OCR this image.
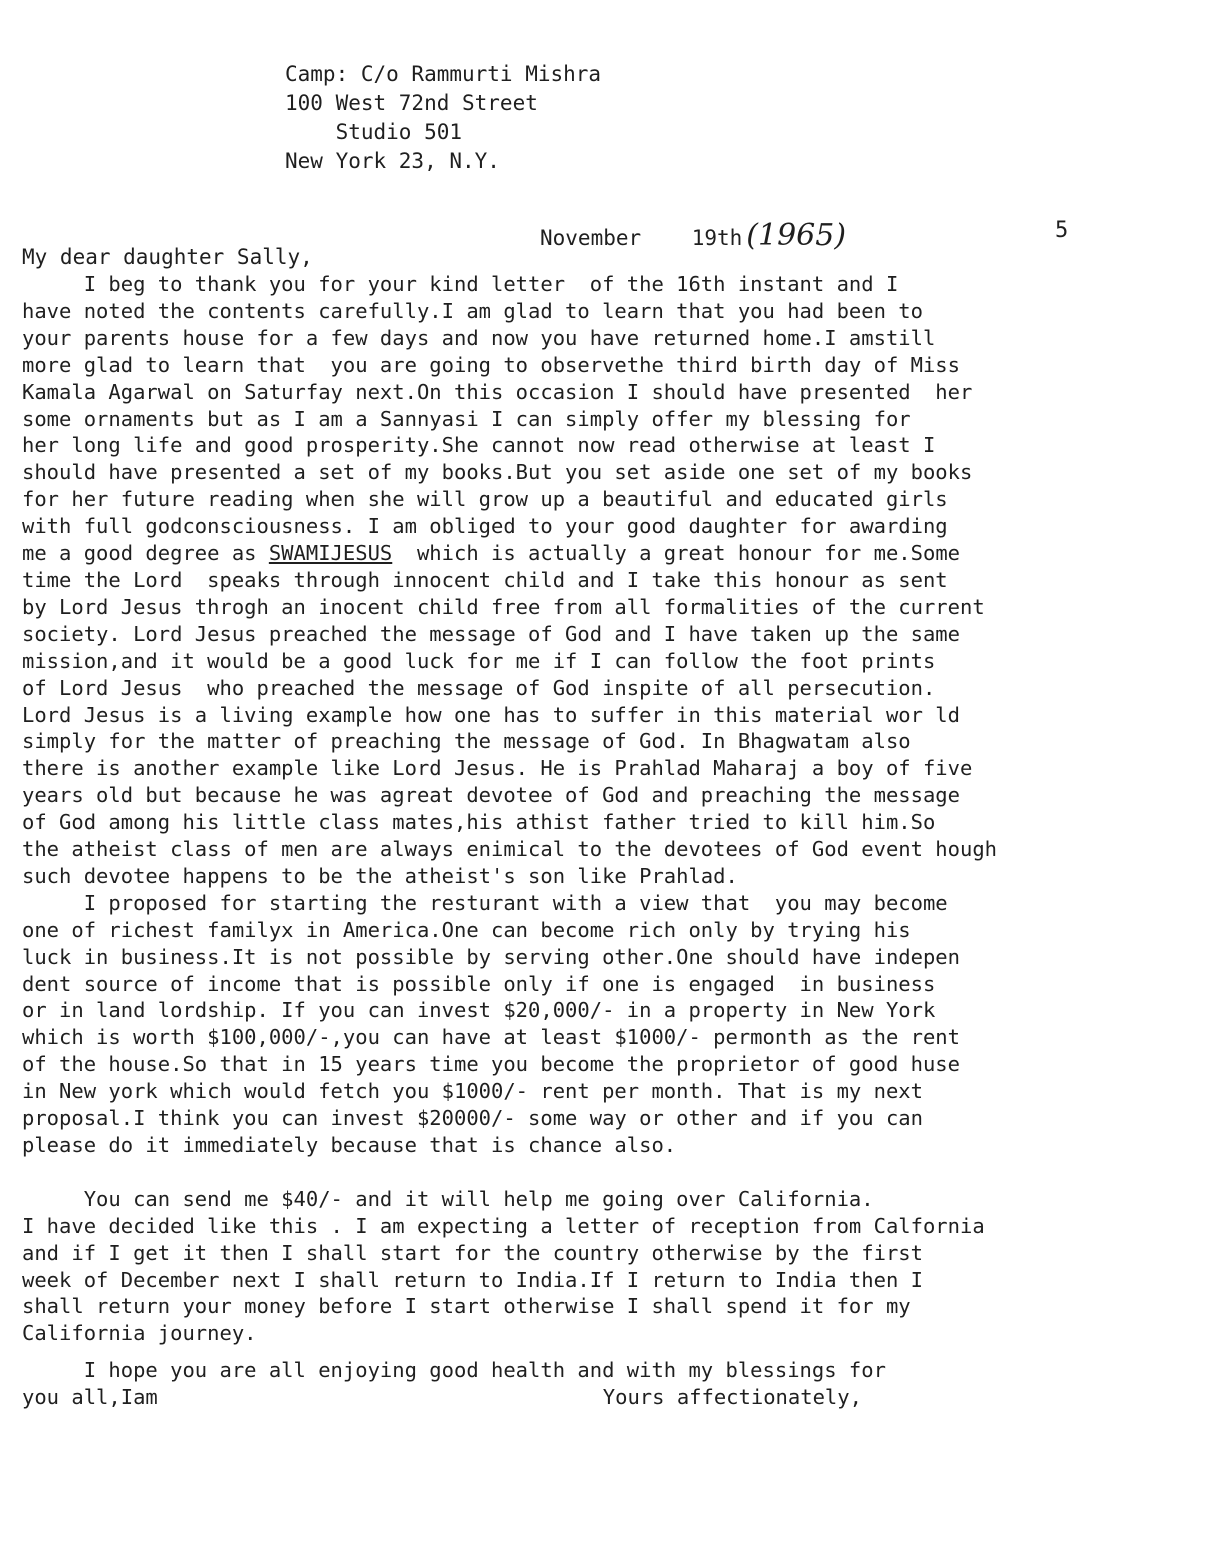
Camp: C/o Rammurti Mishra
100 West 72nd Street
Studio 501
New York 23, N.Y.
November    19th (1965)	5
My dear daughter Sally,
I beg to thank you for your kind letter  of the 16th instant and I
have noted the contents carefully.I am glad to learn that you had been to
your parents house for a few days and now you have returned home.I amstill
more glad to learn that  you are going to observethe third birth day of Miss
Kamala Agarwal on Saturfay next.On this occasion I should have presented  her
some ornaments but as I am a Sannyasi I can simply offer my blessing for
her long life and good prosperity.She cannot now read otherwise at least I
should have presented a set of my books.But you set aside one set of my books
for her future reading when she will grow up a beautiful and educated girls
with full godconsciousness. I am obliged to your good daughter for awarding
me a good degree as SWAMIJESUS  which is actually a great honour for me.Some
time the Lord  speaks through innocent child and I take this honour as sent
by Lord Jesus throgh an inocent child free from all formalities of the current
society. Lord Jesus preached the message of God and I have taken up the same
mission,and it would be a good luck for me if I can follow the foot prints
of Lord Jesus  who preached the message of God inspite of all persecution.
Lord Jesus is a living example how one has to suffer in this material wor ld
simply for the matter of preaching the message of God. In Bhagwatam also
there is another example like Lord Jesus. He is Prahlad Maharaj a boy of five
years old but because he was agreat devotee of God and preaching the message
of God among his little class mates,his athist father tried to kill him.So
the atheist class of men are always enimical to the devotees of God event hough
such devotee happens to be the atheist's son like Prahlad.
I proposed for starting the resturant with a view that  you may become
one of richest familyx in America.One can become rich only by trying his
luck in business.It is not possible by serving other.One should have indepen
dent source of income that is possible only if one is engaged  in business
or in land lordship. If you can invest $20,000/- in a property in New York
which is worth $100,000/-,you can have at least $1000/- permonth as the rent
of the house.So that in 15 years time you become the proprietor of good huse
in New york which would fetch you $1000/- rent per month. That is my next
proposal.I think you can invest $20000/- some way or other and if you can
please do it immediately because that is chance also.

You can send me $40/- and it will help me going over California.
I have decided like this . I am expecting a letter of reception from Calfornia
and if I get it then I shall start for the country otherwise by the first
week of December next I shall return to India.If I return to India then I
shall return your money before I start otherwise I shall spend it for my
California journey.
I hope you are all enjoying good health and with my blessings for
you all,Iam	Yours affectionately,
